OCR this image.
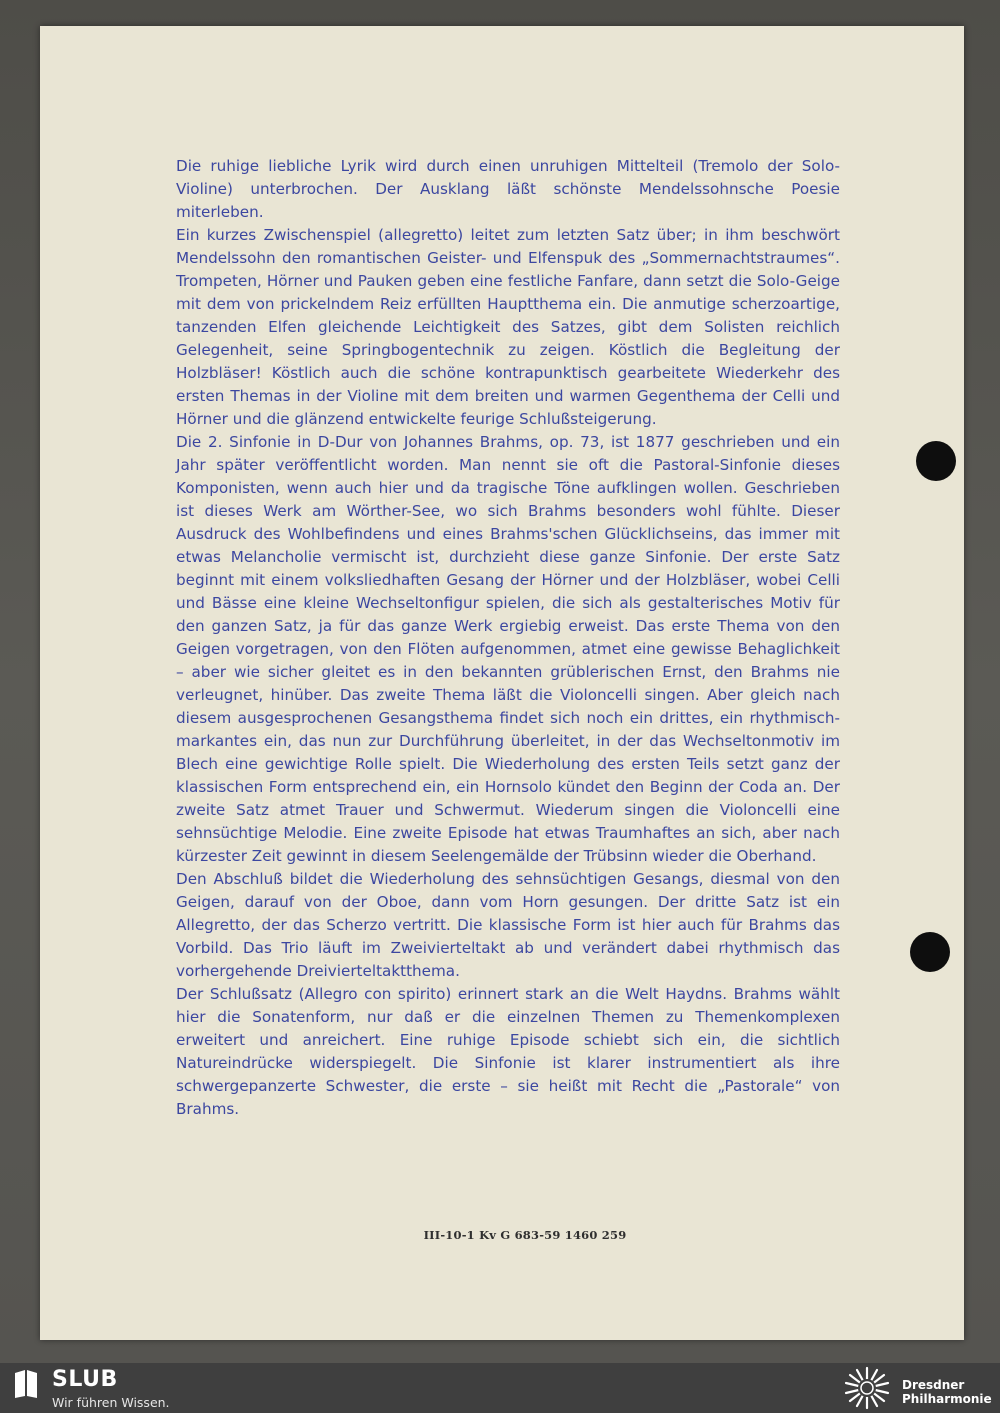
Die ruhige liebliche Lyrik wird durch einen unruhigen Mittelteil (Tremolo der Solo-Violine) unterbrochen. Der Ausklang läßt schönste Mendelssohnsche Poesie miterleben.

Ein kurzes Zwischenspiel (allegretto) leitet zum letzten Satz über; in ihm beschwört Mendelssohn den romantischen Geister- und Elfenspuk des „Sommernachtstraumes“. Trompeten, Hörner und Pauken geben eine festliche Fanfare, dann setzt die Solo-Geige mit dem von prickelndem Reiz erfüllten Hauptthema ein. Die anmutige scherzoartige, tanzenden Elfen gleichende Leichtigkeit des Satzes, gibt dem Solisten reichlich Gelegenheit, seine Springbogentechnik zu zeigen. Köstlich die Begleitung der Holzbläser! Köstlich auch die schöne kontrapunktisch gearbeitete Wiederkehr des ersten Themas in der Violine mit dem breiten und warmen Gegenthema der Celli und Hörner und die glänzend entwickelte feurige Schlußsteigerung.

Die 2. Sinfonie in D-Dur von Johannes Brahms, op. 73, ist 1877 geschrieben und ein Jahr später veröffentlicht worden. Man nennt sie oft die Pastoral-Sinfonie dieses Komponisten, wenn auch hier und da tragische Töne aufklingen wollen. Geschrieben ist dieses Werk am Wörther-See, wo sich Brahms besonders wohl fühlte. Dieser Ausdruck des Wohlbefindens und eines Brahms'schen Glücklichseins, das immer mit etwas Melancholie vermischt ist, durchzieht diese ganze Sinfonie. Der erste Satz beginnt mit einem volksliedhaften Gesang der Hörner und der Holzbläser, wobei Celli und Bässe eine kleine Wechseltonfigur spielen, die sich als gestalterisches Motiv für den ganzen Satz, ja für das ganze Werk ergiebig erweist. Das erste Thema von den Geigen vorgetragen, von den Flöten aufgenommen, atmet eine gewisse Behaglichkeit – aber wie sicher gleitet es in den bekannten grüblerischen Ernst, den Brahms nie verleugnet, hinüber. Das zweite Thema läßt die Violoncelli singen. Aber gleich nach diesem ausgesprochenen Gesangsthema findet sich noch ein drittes, ein rhythmisch-markantes ein, das nun zur Durchführung überleitet, in der das Wechseltonmotiv im Blech eine gewichtige Rolle spielt. Die Wiederholung des ersten Teils setzt ganz der klassischen Form entsprechend ein, ein Hornsolo kündet den Beginn der Coda an. Der zweite Satz atmet Trauer und Schwermut. Wiederum singen die Violoncelli eine sehnsüchtige Melodie. Eine zweite Episode hat etwas Traumhaftes an sich, aber nach kürzester Zeit gewinnt in diesem Seelengemälde der Trübsinn wieder die Oberhand.

Den Abschluß bildet die Wiederholung des sehnsüchtigen Gesangs, diesmal von den Geigen, darauf von der Oboe, dann vom Horn gesungen. Der dritte Satz ist ein Allegretto, der das Scherzo vertritt. Die klassische Form ist hier auch für Brahms das Vorbild. Das Trio läuft im Zweivierteltakt ab und verändert dabei rhythmisch das vorhergehende Dreivierteltaktthema.

Der Schlußsatz (Allegro con spirito) erinnert stark an die Welt Haydns. Brahms wählt hier die Sonatenform, nur daß er die einzelnen Themen zu Themenkomplexen erweitert und anreichert. Eine ruhige Episode schiebt sich ein, die sichtlich Natureindrücke widerspiegelt. Die Sinfonie ist klarer instrumentiert als ihre schwergepanzerte Schwester, die erste – sie heißt mit Recht die „Pastorale“ von Brahms.

III-10-1 Kv G 683-59 1460 259
SLUB
Wir führen Wissen.
Dresdner
Philharmonie
